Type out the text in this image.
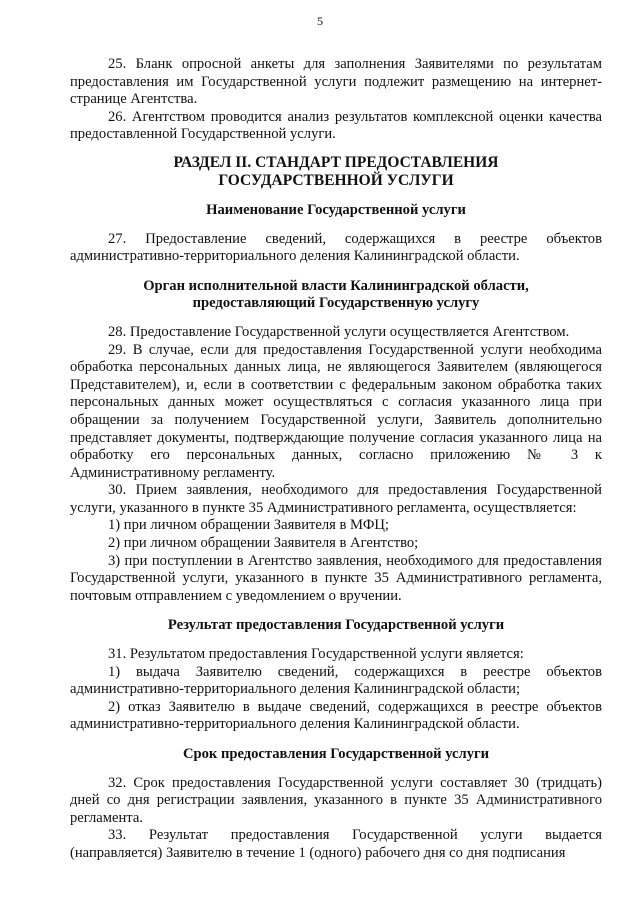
5

25. Бланк опросной анкеты для заполнения Заявителями по результатам предоставления им Государственной услуги подлежит размещению на интернет-странице Агентства.

26. Агентством проводится анализ результатов комплексной оценки качества предоставленной Государственной услуги.

РАЗДЕЛ II. СТАНДАРТ ПРЕДОСТАВЛЕНИЯ
ГОСУДАРСТВЕННОЙ УСЛУГИ
Наименование Государственной услуги

27. Предоставление сведений, содержащихся в реестре объектов административно-территориального деления Калининградской области.

Орган исполнительной власти Калининградской области,
предоставляющий Государственную услугу

28. Предоставление Государственной услуги осуществляется Агентством.

29. В случае, если для предоставления Государственной услуги необходима обработка персональных данных лица, не являющегося Заявителем (являющегося Представителем), и, если в соответствии с федеральным законом обработка таких персональных данных может осуществляться с согласия указанного лица при обращении за получением Государственной услуги, Заявитель дополнительно представляет документы, подтверждающие получение согласия указанного лица на обработку его персональных данных, согласно приложению № 3 к Административному регламенту.

30. Прием заявления, необходимого для предоставления Государственной услуги, указанного в пункте 35 Административного регламента, осуществляется:

1) при личном обращении Заявителя в МФЦ;

2) при личном обращении Заявителя в Агентство;

3) при поступлении в Агентство заявления, необходимого для предоставления Государственной услуги, указанного в пункте 35 Административного регламента, почтовым отправлением с уведомлением о вручении.

Результат предоставления Государственной услуги

31. Результатом предоставления Государственной услуги является:

1) выдача Заявителю сведений, содержащихся в реестре объектов административно-территориального деления Калининградской области;

2) отказ Заявителю в выдаче сведений, содержащихся в реестре объектов административно-территориального деления Калининградской области.

Срок предоставления Государственной услуги

32. Срок предоставления Государственной услуги составляет 30 (тридцать) дней со дня регистрации заявления, указанного в пункте 35 Административного регламента.

33. Результат предоставления Государственной услуги выдается (направляется) Заявителю в течение 1 (одного) рабочего дня со дня подписания
